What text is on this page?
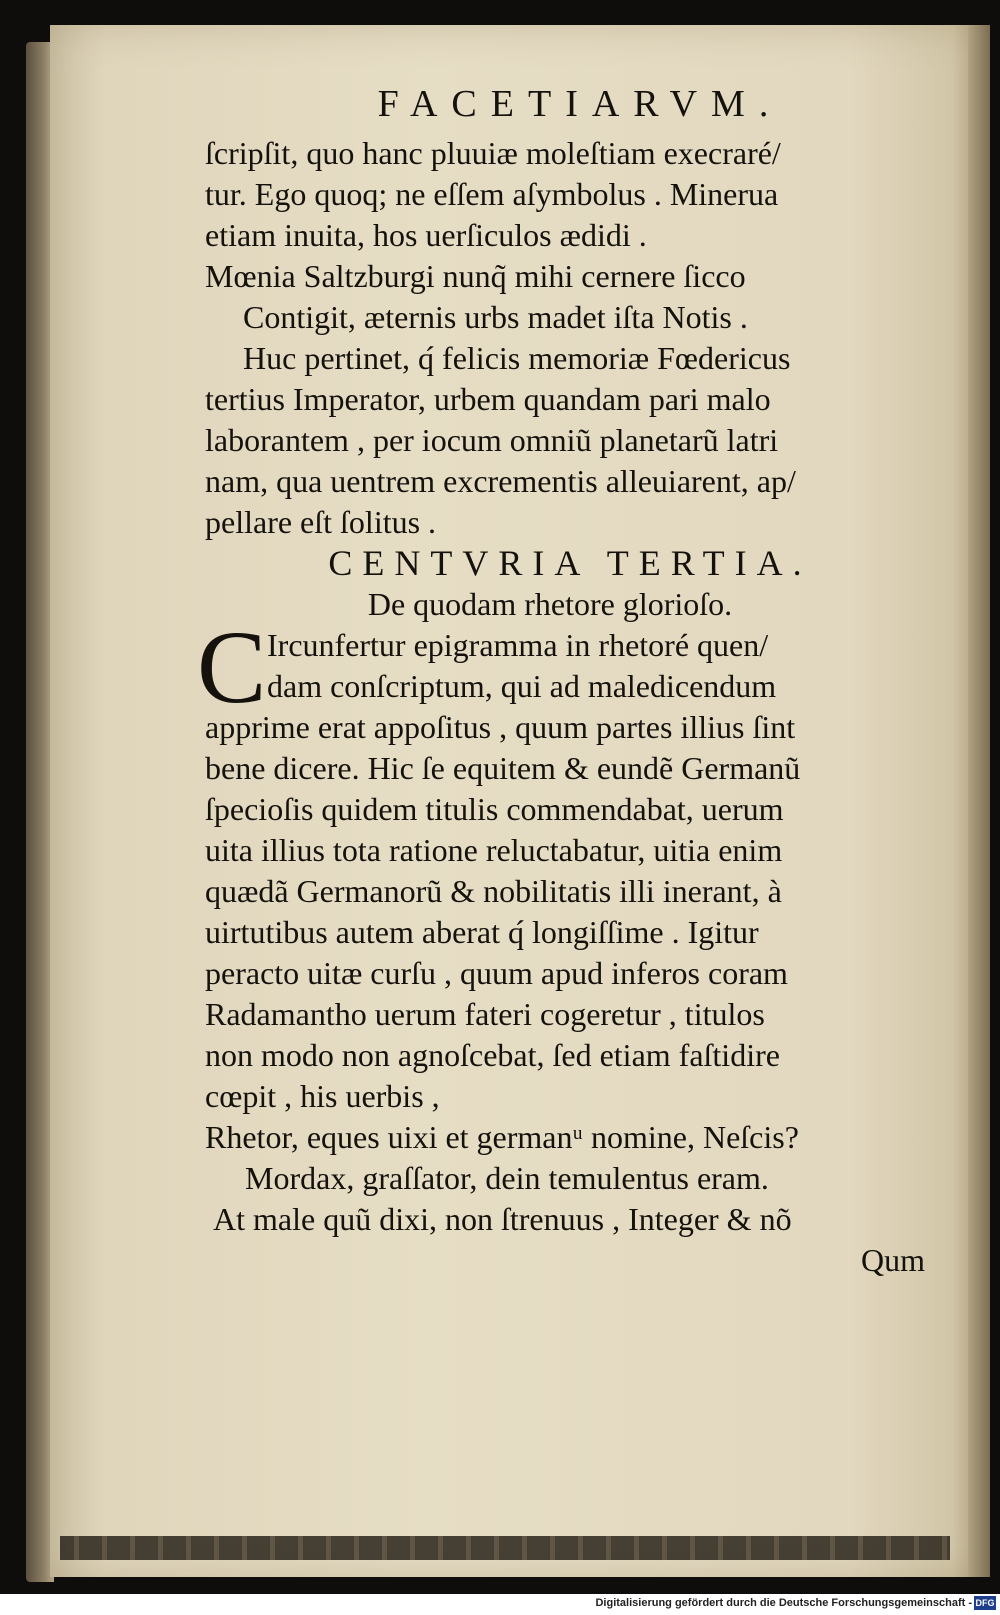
FACETIARVM.
ſcripſit, quo hanc pluuiæ moleſtiam execraré/
tur. Ego quoq; ne eſſem aſymbolus . Minerua
etiam inuita, hos uerſiculos ædidi .
Mœnia Saltzburgi nunq̃ mihi cernere ſicco
Contigit, æternis urbs madet iſta Notis .
Huc pertinet, q́ felicis memoriæ Fœdericus
tertius Imperator, urbem quandam pari malo
laborantem , per iocum omniũ planetarũ latri
nam, qua uentrem excrementis alleuiarent, ap/
pellare eſt ſolitus .
CENTVRIA TERTIA.
De quodam rhetore glorioſo.
C Ircunfertur epigramma in rhetoré quen/
dam conſcriptum, qui ad maledicendum
apprime erat appoſitus , quum partes illius ſint
bene dicere. Hic ſe equitem & eundẽ Germanũ
ſpecioſis quidem titulis commendabat, uerum
uita illius tota ratione reluctabatur, uitia enim
quædã Germanorũ & nobilitatis illi inerant, à
uirtutibus autem aberat q́ longiſſime . Igitur
peracto uitæ curſu , quum apud inferos coram
Radamantho uerum fateri cogeretur , titulos
non modo non agnoſcebat, ſed etiam faſtidire
cœpit , his uerbis ,
Rhetor, eques uixi et germanᵘ nomine, Neſcis?
Mordax, graſſator, dein temulentus eram.
At male quũ dixi, non ſtrenuus , Integer & nõ
Qum
Digitalisierung gefördert durch die Deutsche Forschungsgemeinschaft - DFG
